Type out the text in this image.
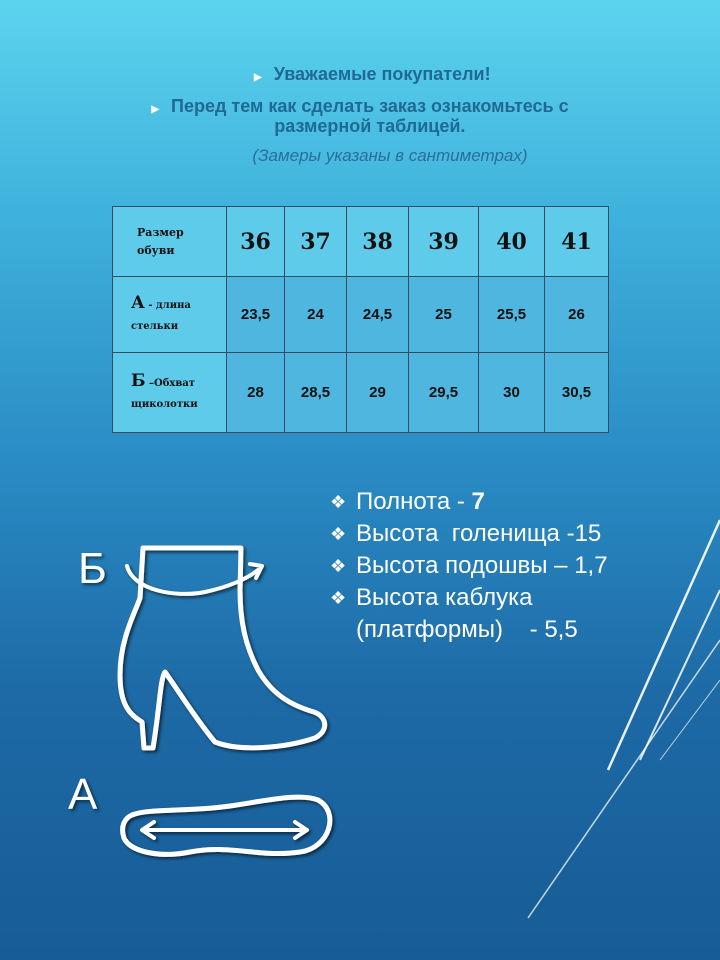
▶ Уважаемые покупатели!
▶ Перед тем как сделать заказ ознакомьтесь с
размерной таблицей.
(Замеры указаны в сантиметрах)
Размер
обуви	36	37	38	39	40	41
А - длина
стельки	23,5	24	24,5	25	25,5	26
Б –Обхват
щиколотки	28	28,5	29	29,5	30	30,5
❖ Полнота - 7
❖ Высота  голенища -15
❖ Высота подошвы – 1,7
❖ Высота каблука
(платформы)    - 5,5
Б
А
